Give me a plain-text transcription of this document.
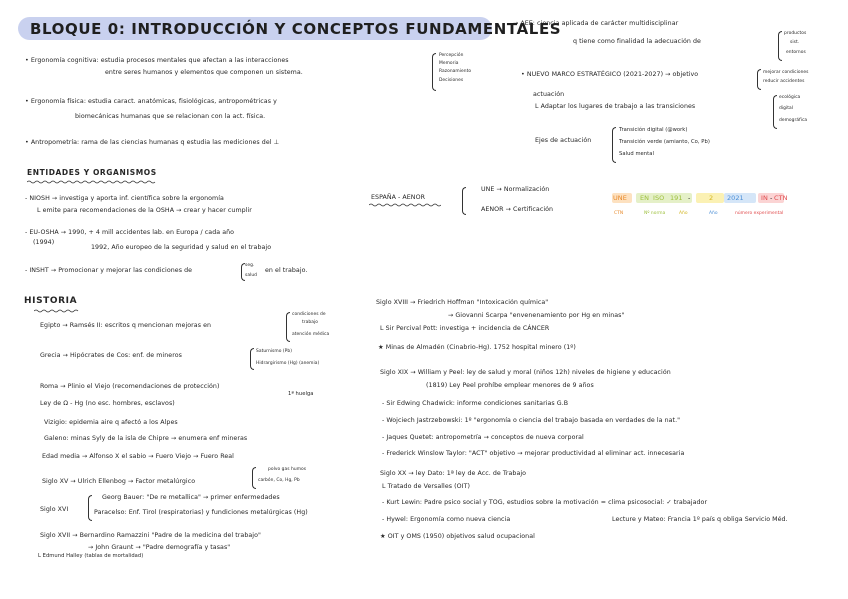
BLOQUE 0: INTRODUCCIÓN Y CONCEPTOS FUNDAMENTALES
• Ergonomía cognitiva: estudia procesos mentales que afectan a las interacciones
entre seres humanos y elementos que componen un sistema.
Percepción
Memoria
Razonamiento
Decisiones
• Ergonomía física: estudia caract. anatómicas, fisiológicas, antropométricas y
biomecánicas humanas que se relacionan con la act. física.
• Antropometría: rama de las ciencias humanas q estudia las mediciones del ⊥
→ AEE: ciencia aplicada de carácter multidisciplinar
q tiene como finalidad la adecuación de
productos
sist.
entornos
• NUEVO MARCO ESTRATÉGICO (2021-2027) → objetivo	mejorar condiciones
reducir accidentes
actuación
L Adaptar los lugares de trabajo a las transiciones
ecológica
digital
demográfica
Ejes de actuación
Transición digital (@work)
Transición verde (amianto, Co, Pb)
Salud mental
ENTIDADES Y ORGANISMOS
- NIOSH → investiga y aporta inf. científica sobre la ergonomía
L emite para recomendaciones de la OSHA → crear y hacer cumplir
- EU-OSHA → 1990, + 4 mill accidentes lab. en Europa / cada año
(1994)
1992, Año europeo de la seguridad y salud en el trabajo
- INSHT → Promocionar y mejorar las condiciones de
seg.
salud
en el trabajo.
ESPAÑA - AENOR
UNE → Normalización
AENOR → Certificación
UNE EN ISO 191 -	2 2021	IN - CTN
CTN	Nº norma	Año	Año	número experimental
HISTORIA
Egipto → Ramsés II: escritos q mencionan mejoras en
condiciones de
trabajo
atención médica
Grecia → Hipócrates de Cos: enf. de mineros
Saturnismo (Pb)
Hidrargirismo (Hg) (anemia)
Roma → Plinio el Viejo (recomendaciones de protección)
Ley de Ω - Hg (no esc. hombres, esclavos)
1ª huelga
Vizigio: epidemia aire q afectó a los Alpes
Galeno: minas Syly de la isla de Chipre → enumera enf mineras
Edad media → Alfonso X el sabio → Fuero Viejo → Fuero Real
Siglo XV → Ulrich Ellenbog → Factor metalúrgico
polvo gas humos
carbón, Co, Hg, Pb
Siglo XVI
Georg Bauer: "De re metallica" → primer enfermedades
Paracelso: Enf. Tirol (respiratorias) y fundiciones metalúrgicas (Hg)
Siglo XVII → Bernardino Ramazzini "Padre de la medicina del trabajo"
→ John Graunt → "Padre demografía y tasas"
L Edmund Halley (tablas de mortalidad)
Siglo XVIII → Friedrich Hoffman "Intoxicación química"
→ Giovanni Scarpa "envenenamiento por Hg en minas"
L Sir Percival Pott: investiga + incidencia de CÁNCER
★ Minas de Almadén (Cinabrio-Hg). 1752 hospital minero (1º)
Siglo XIX → William y Peel: ley de salud y moral (niños 12h) niveles de higiene y educación
(1819) Ley Peel prohíbe emplear menores de 9 años
- Sir Edwing Chadwick: informe condiciones sanitarias G.B
- Wojciech Jastrzebowski: 1º "ergonomía o ciencia del trabajo basada en verdades de la nat."
- Jaques Quetet: antropometría → conceptos de nueva corporal
- Frederick Winslow Taylor: "ACT" objetivo → mejorar productividad al eliminar act. innecesaria
Siglo XX → ley Dato: 1ª ley de Acc. de Trabajo
L Tratado de Versalles (OIT)
- Kurt Lewin: Padre psico social y TOG, estudios sobre la motivación = clima psicosocial: ✓ trabajador
- Hywel: Ergonomía como nueva ciencia	Lecture y Mateo: Francia 1º país q obliga Servicio Méd.
★ OIT y OMS (1950) objetivos salud ocupacional
